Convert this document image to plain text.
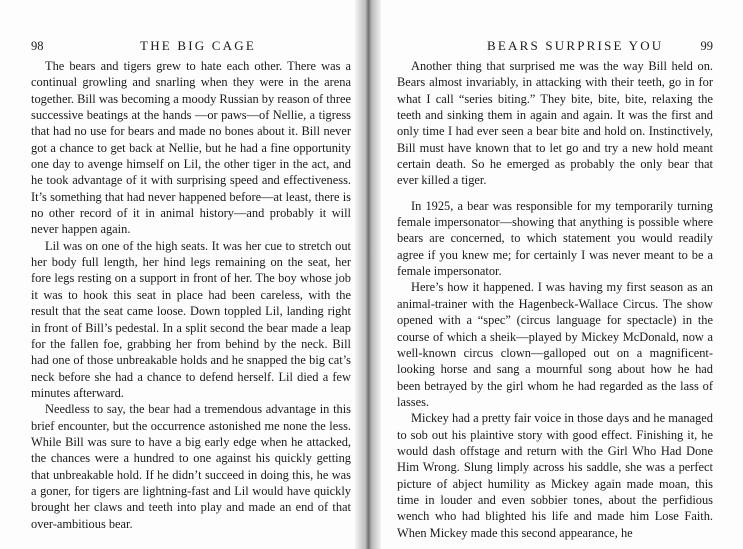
98	THE BIG CAGE

The bears and tigers grew to hate each other. There was a continual growling and snarling when they were in the arena together. Bill was becoming a moody Russian by reason of three successive beatings at the hands —or paws—of Nellie, a tigress that had no use for bears and made no bones about it. Bill never got a chance to get back at Nellie, but he had a fine opportunity one day to avenge himself on Lil, the other tiger in the act, and he took advantage of it with surprising speed and effectiveness. It’s something that had never happened before—at least, there is no other record of it in animal history—and probably it will never happen again.

Lil was on one of the high seats. It was her cue to stretch out her body full length, her hind legs remaining on the seat, her fore legs resting on a support in front of her. The boy whose job it was to hook this seat in place had been careless, with the result that the seat came loose. Down toppled Lil, landing right in front of Bill’s pedestal. In a split second the bear made a leap for the fallen foe, grabbing her from behind by the neck. Bill had one of those unbreakable holds and he snapped the big cat’s neck before she had a chance to defend herself. Lil died a few minutes afterward.

Needless to say, the bear had a tremendous advantage in this brief encounter, but the occurrence astonished me none the less. While Bill was sure to have a big early edge when he attacked, the chances were a hundred to one against his quickly getting that unbreakable hold. If he didn’t succeed in doing this, he was a goner, for tigers are lightning-fast and Lil would have quickly brought her claws and teeth into play and made an end of that over-ambitious bear.

BEARS SURPRISE YOU	99

Another thing that surprised me was the way Bill held on. Bears almost invariably, in attacking with their teeth, go in for what I call “series biting.” They bite, bite, bite, relaxing the teeth and sinking them in again and again. It was the first and only time I had ever seen a bear bite and hold on. Instinctively, Bill must have known that to let go and try a new hold meant certain death. So he emerged as probably the only bear that ever killed a tiger.

In 1925, a bear was responsible for my temporarily turning female impersonator—showing that anything is possible where bears are concerned, to which statement you would readily agree if you knew me; for certainly I was never meant to be a female impersonator.

Here’s how it happened. I was having my first season as an animal-trainer with the Hagenbeck-Wallace Circus. The show opened with a “spec” (circus language for spectacle) in the course of which a sheik—played by Mickey McDonald, now a well-known circus clown—galloped out on a magnificent-looking horse and sang a mournful song about how he had been betrayed by the girl whom he had regarded as the lass of lasses.

Mickey had a pretty fair voice in those days and he managed to sob out his plaintive story with good effect. Finishing it, he would dash offstage and return with the Girl Who Had Done Him Wrong. Slung limply across his saddle, she was a perfect picture of abject humility as Mickey again made moan, this time in louder and even sobbier tones, about the perfidious wench who had blighted his life and made him Lose Faith. When Mickey made this second appearance, he
